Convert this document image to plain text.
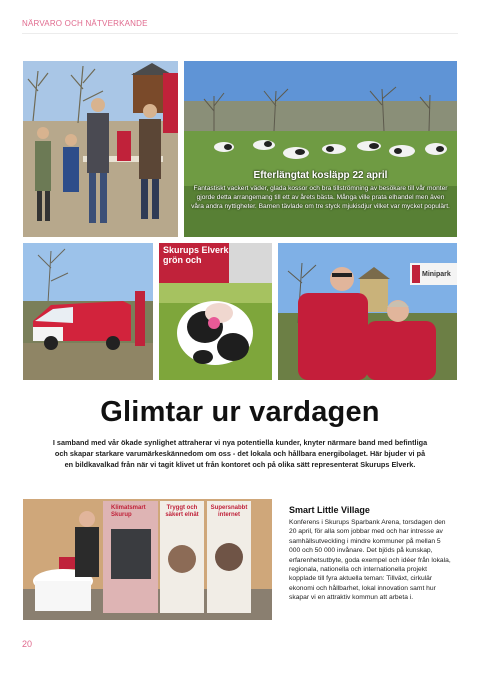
NÄRVARO OCH NÄTVERKANDE
Efterlängtat kosläpp 22 april
Fantastiskt vackert väder, glada kossor och bra tillströmning av besökare till vår monter gjorde detta arrangemang till ett av årets bästa. Många ville prata elhandel men även våra andra nyttigheter. Barnen tävlade om tre styck mjukisdjur vilket var mycket populärt.
Skurups Elverk grön och
Minipark
Glimtar ur vardagen
I samband med vår ökade synlighet attraherar vi nya potentiella kunder, knyter närmare band med befintliga och skapar starkare varumärkeskännedom om oss - det lokala och hållbara energibolaget. Här bjuder vi på en bildkavalkad från när vi tagit klivet ut från kontoret och på olika sätt representerat Skurups Elverk.
Klimatsmart Skurup
Tryggt och säkert elnät
Supersnabbt internet	Smart Little Village
Konferens i Skurups Sparbank Arena, torsdagen den 20 april, för alla som jobbar med och har intresse av samhällsutveckling i mindre kommuner på mellan 5 000 och 50 000 invånare. Det bjöds på kunskap, erfarenhetsutbyte, goda exempel och idéer från lokala, regionala, nationella och internationella projekt kopplade till fyra aktuella teman: Tillväxt, cirkulär ekonomi och hållbarhet, lokal innovation samt hur skapar vi en attraktiv kommun att arbeta i.
20
